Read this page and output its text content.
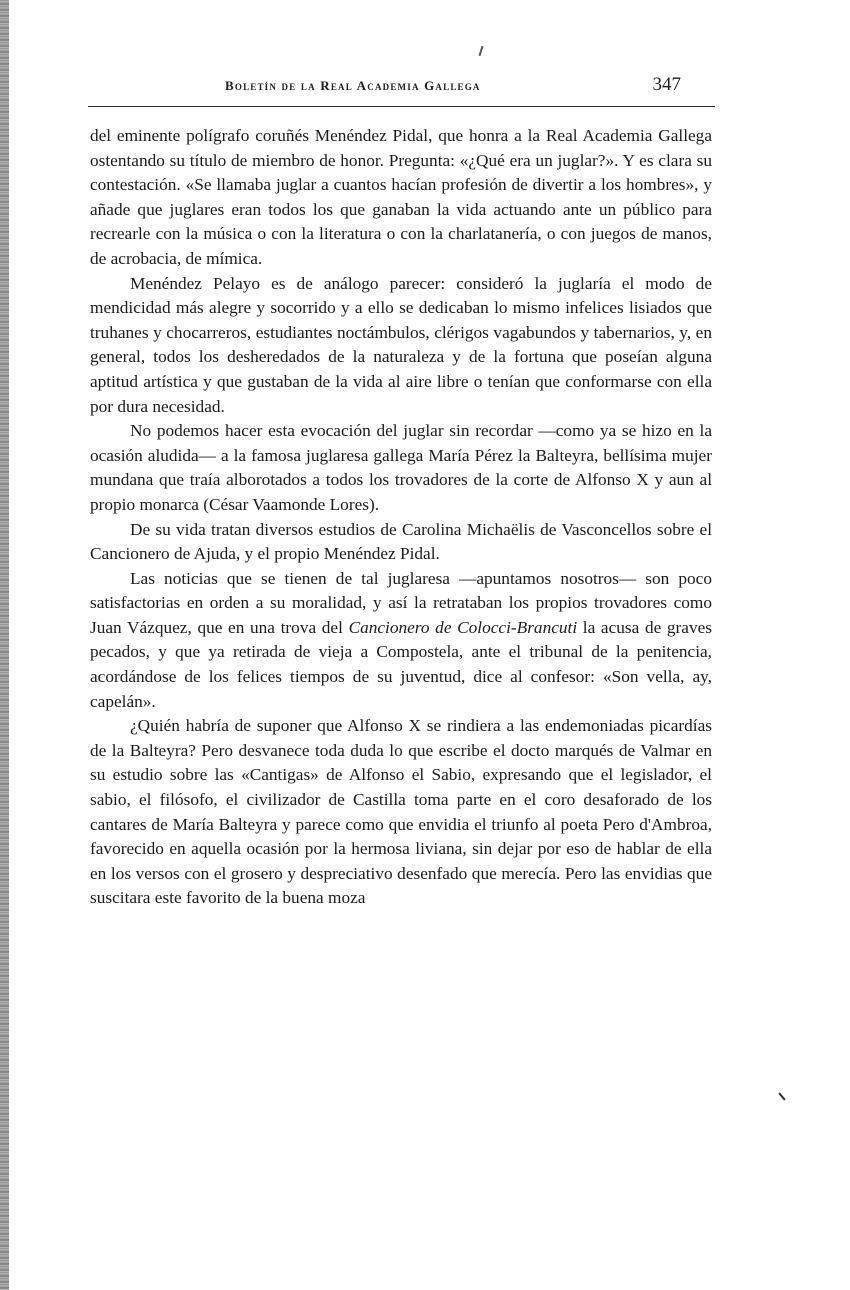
Boletín de la Real Academia Gallega	347

del eminente polígrafo coruñés Menéndez Pidal, que honra a la Real Academia Gallega ostentando su título de miembro de honor. Pregunta: «¿Qué era un juglar?». Y es clara su contestación. «Se llamaba juglar a cuantos hacían profesión de divertir a los hombres», y añade que juglares eran todos los que ganaban la vida actuando ante un público para recrearle con la música o con la literatura o con la charlatanería, o con juegos de manos, de acrobacia, de mímica.

Menéndez Pelayo es de análogo parecer: consideró la juglaría el modo de mendicidad más alegre y socorrido y a ello se dedicaban lo mismo infelices lisiados que truhanes y chocarreros, estudiantes noctámbulos, clérigos vagabundos y tabernarios, y, en general, todos los desheredados de la naturaleza y de la fortuna que poseían alguna aptitud artística y que gustaban de la vida al aire libre o tenían que conformarse con ella por dura necesidad.

No podemos hacer esta evocación del juglar sin recordar —como ya se hizo en la ocasión aludida— a la famosa juglaresa gallega María Pérez la Balteyra, bellísima mujer mundana que traía alborotados a todos los trovadores de la corte de Alfonso X y aun al propio monarca (César Vaamonde Lores).

De su vida tratan diversos estudios de Carolina Michaëlis de Vasconcellos sobre el Cancionero de Ajuda, y el propio Menéndez Pidal.

Las noticias que se tienen de tal juglaresa —apuntamos nosotros— son poco satisfactorias en orden a su moralidad, y así la retrataban los propios trovadores como Juan Vázquez, que en una trova del Cancionero de Colocci-Brancuti la acusa de graves pecados, y que ya retirada de vieja a Compostela, ante el tribunal de la penitencia, acordándose de los felices tiempos de su juventud, dice al confesor: «Son vella, ay, capelán».

¿Quién habría de suponer que Alfonso X se rindiera a las endemoniadas picardías de la Balteyra? Pero desvanece toda duda lo que escribe el docto marqués de Valmar en su estudio sobre las «Cantigas» de Alfonso el Sabio, expresando que el legislador, el sabio, el filósofo, el civilizador de Castilla toma parte en el coro desaforado de los cantares de María Balteyra y parece como que envidia el triunfo al poeta Pero d'Ambroa, favorecido en aquella ocasión por la hermosa liviana, sin dejar por eso de hablar de ella en los versos con el grosero y despreciativo desenfado que merecía. Pero las envidias que suscitara este favorito de la buena moza
